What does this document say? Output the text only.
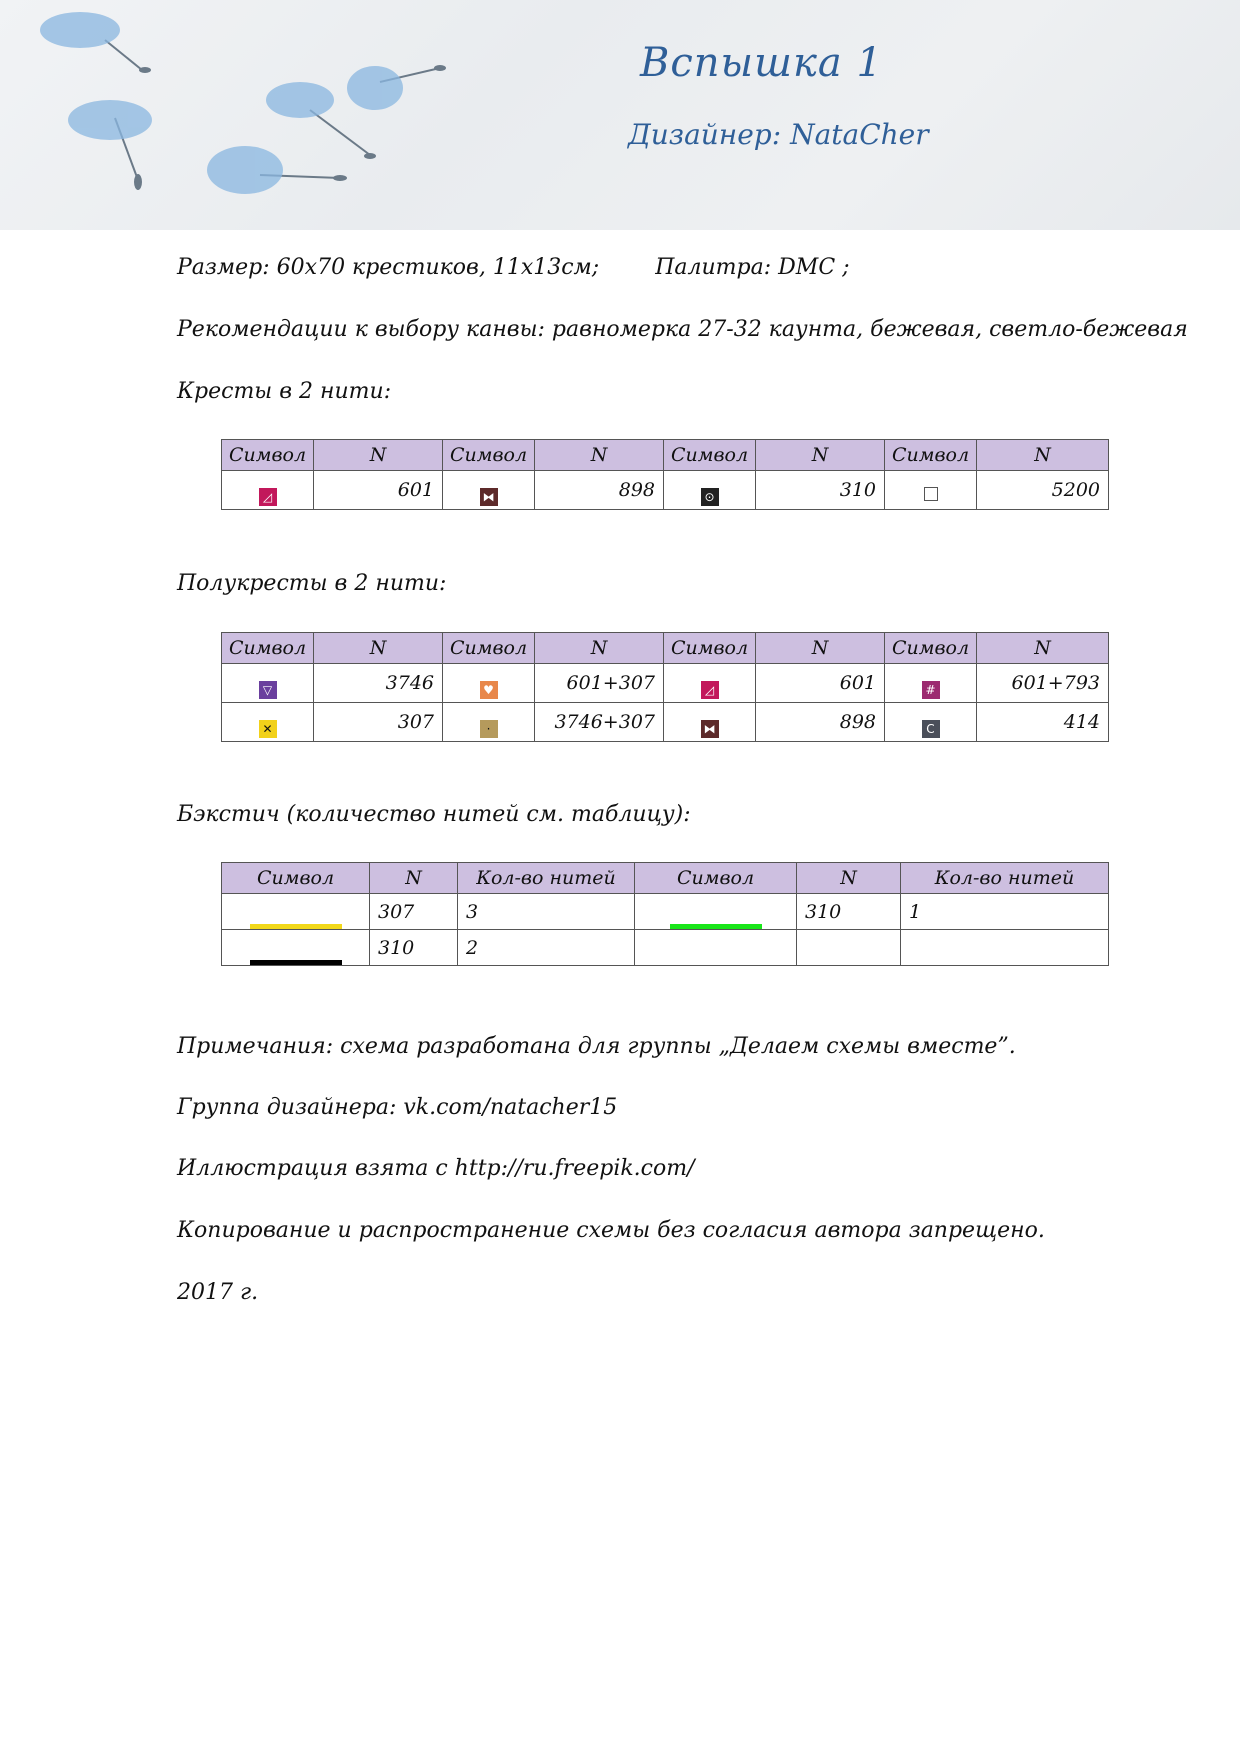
Вспышка 1
Дизайнер: NataCher
Размер: 60х70 крестиков, 11х13см;	Палитра: DMC ;
Рекомендации к выбору канвы: равномерка 27-32 каунта, бежевая, светло-бежевая
Кресты в 2 нити:
Символ	N	Символ	N	Символ	N	Символ	N
◿	601	⧓	898	⊙	310		5200
Полукресты в 2 нити:
Символ	N	Символ	N	Символ	N	Символ	N
▽	3746	♥	601+307	◿	601	#	601+793
✕	307	·	3746+307	⧓	898	C	414
Бэкстич (количество нитей см. таблицу):
Символ	N	Кол-во нитей	Символ	N	Кол-во нитей
	307	3		310	1
	310	2			
Примечания: схема разработана для группы „Делаем схемы вместе”.
Группа дизайнера: vk.com/natacher15
Иллюстрация взята с http://ru.freepik.com/
Копирование и распространение схемы без согласия автора запрещено.
2017 г.
